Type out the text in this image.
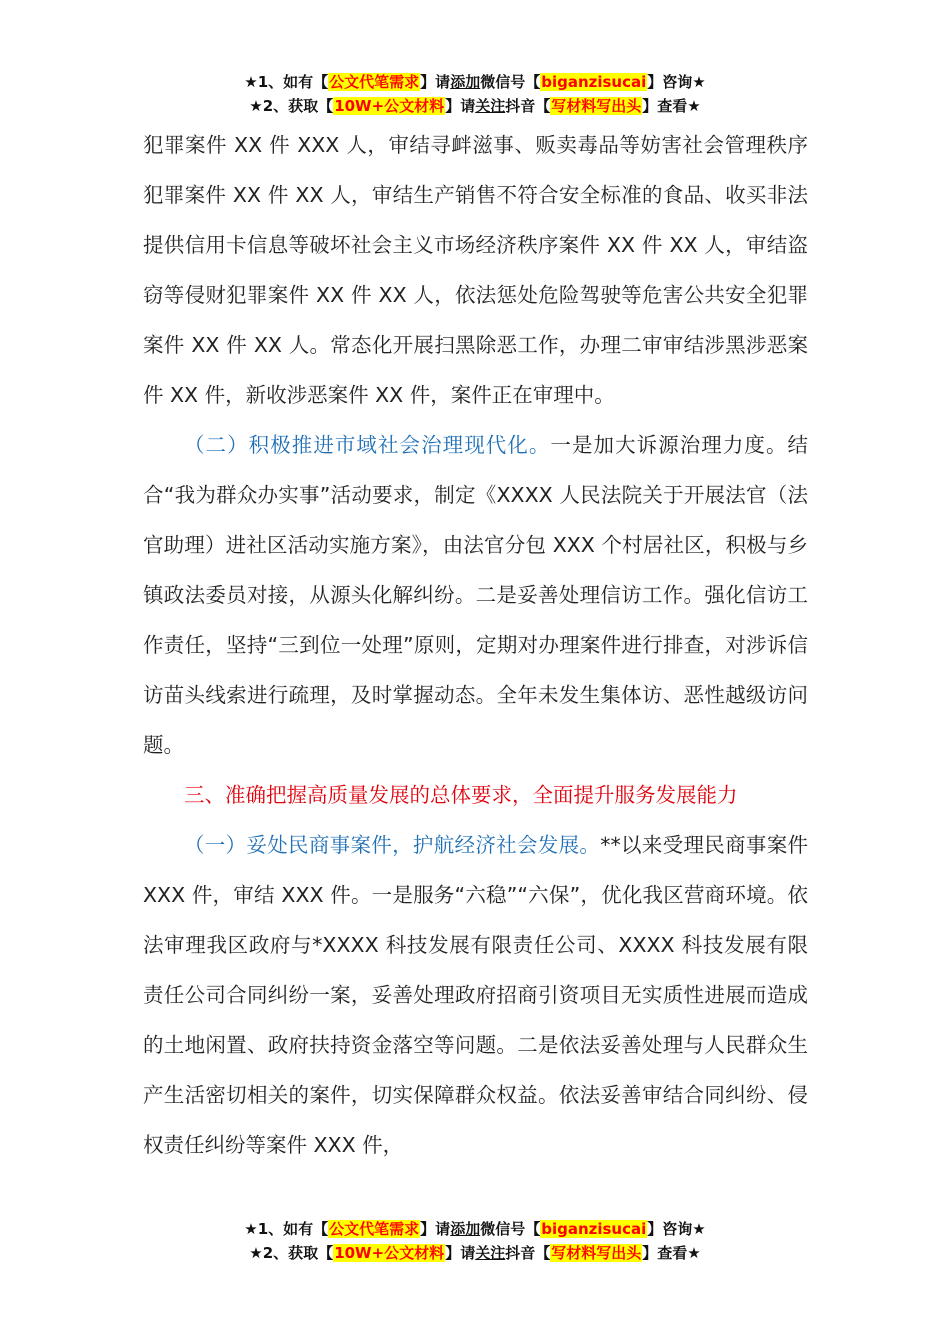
★1、如有【公文代笔需求】请添加微信号【biganzisucai】咨询★
★2、获取【10W+公文材料】请关注抖音【写材料写出头】查看★

犯罪案件 XX 件 XXX 人，审结寻衅滋事、贩卖毒品等妨害社会管理秩序犯罪案件 XX 件 XX 人，审结生产销售不符合安全标准的食品、收买非法提供信用卡信息等破坏社会主义市场经济秩序案件 XX 件 XX 人，审结盗窃等侵财犯罪案件 XX 件 XX 人，依法惩处危险驾驶等危害公共安全犯罪案件 XX 件 XX 人。常态化开展扫黑除恶工作，办理二审审结涉黑涉恶案件 XX 件，新收涉恶案件 XX 件，案件正在审理中。

（二）积极推进市域社会治理现代化。一是加大诉源治理力度。结合“我为群众办实事”活动要求，制定《XXXX 人民法院关于开展法官（法官助理）进社区活动实施方案》，由法官分包 XXX 个村居社区，积极与乡镇政法委员对接，从源头化解纠纷。二是妥善处理信访工作。强化信访工作责任，坚持“三到位一处理”原则，定期对办理案件进行排查，对涉诉信访苗头线索进行疏理，及时掌握动态。全年未发生集体访、恶性越级访问题。

三、准确把握高质量发展的总体要求，全面提升服务发展能力

（一）妥处民商事案件，护航经济社会发展。**以来受理民商事案件 XXX 件，审结 XXX 件。一是服务“六稳”“六保”，优化我区营商环境。依法审理我区政府与*XXXX 科技发展有限责任公司、XXXX 科技发展有限责任公司合同纠纷一案，妥善处理政府招商引资项目无实质性进展而造成的土地闲置、政府扶持资金落空等问题。二是依法妥善处理与人民群众生产生活密切相关的案件，切实保障群众权益。依法妥善审结合同纠纷、侵权责任纠纷等案件 XXX 件，

★1、如有【公文代笔需求】请添加微信号【biganzisucai】咨询★
★2、获取【10W+公文材料】请关注抖音【写材料写出头】查看★
